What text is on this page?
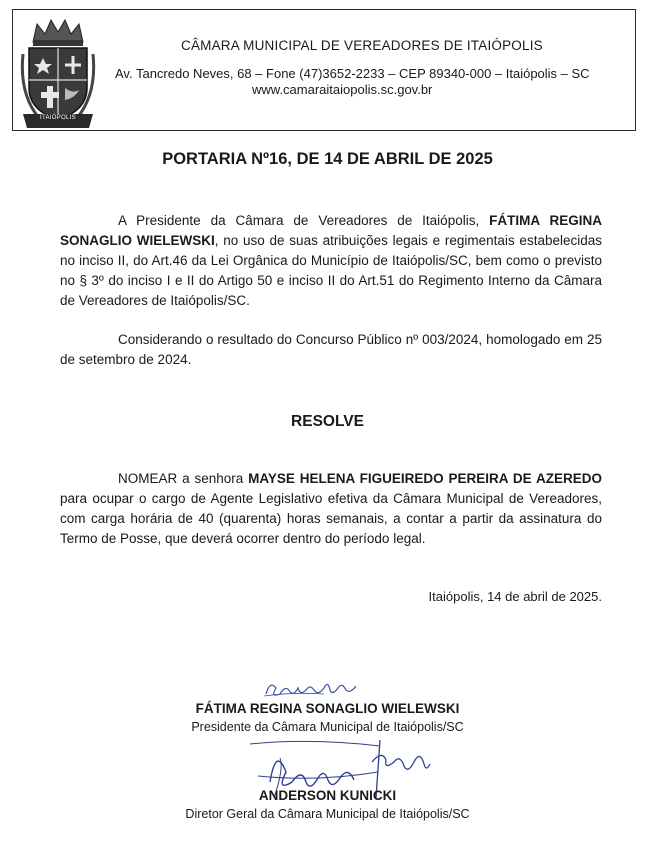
ITAIÓPOLIS
CÂMARA MUNICIPAL DE VEREADORES DE ITAIÓPOLIS
Av. Tancredo Neves, 68 – Fone (47)3652-2233 – CEP 89340-000 – Itaiópolis – SC
www.camaraitaiopolis.sc.gov.br
PORTARIA Nº16, DE 14 DE ABRIL DE 2025

A Presidente da Câmara de Vereadores de Itaiópolis, FÁTIMA REGINA SONAGLIO WIELEWSKI, no uso de suas atribuições legais e regimentais estabelecidas no inciso II, do Art.46 da Lei Orgânica do Município de Itaiópolis/SC, bem como o previsto no § 3º do inciso I e II do Artigo 50 e inciso II do Art.51 do Regimento Interno da Câmara de Vereadores de Itaiópolis/SC.

Considerando o resultado do Concurso Público nº 003/2024, homologado em 25 de setembro de 2024.

RESOLVE

NOMEAR a senhora MAYSE HELENA FIGUEIREDO PEREIRA DE AZEREDO para ocupar o cargo de Agente Legislativo efetiva da Câmara Municipal de Vereadores, com carga horária de 40 (quarenta) horas semanais, a contar a partir da assinatura do Termo de Posse, que deverá ocorrer dentro do período legal.

Itaiópolis, 14 de abril de 2025.
FÁTIMA REGINA SONAGLIO WIELEWSKI
Presidente da Câmara Municipal de Itaiópolis/SC
ANDERSON KUNICKI
Diretor Geral da Câmara Municipal de Itaiópolis/SC
